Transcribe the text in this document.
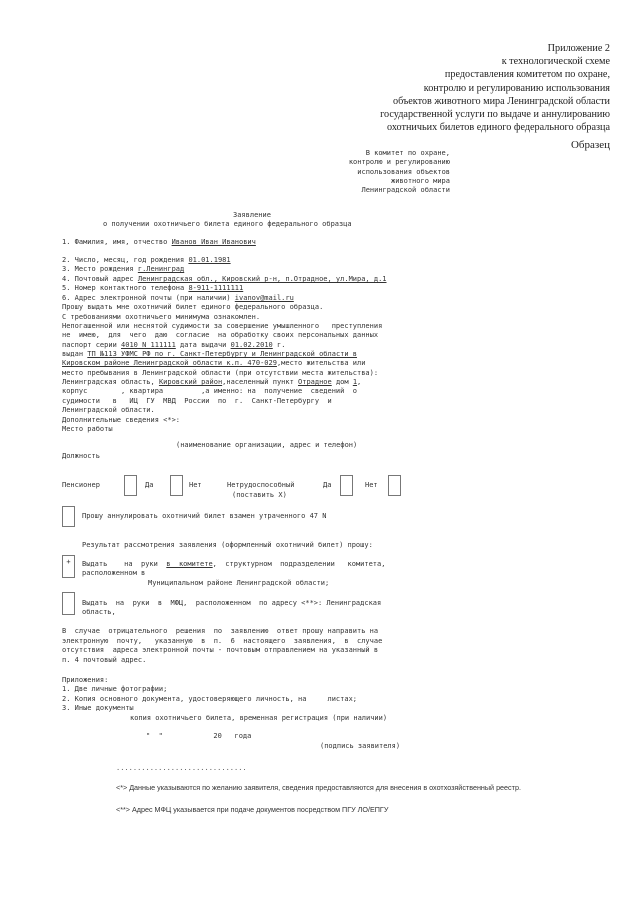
Приложение 2
к технологической схеме
предоставления комитетом по охране,
контролю и регулированию использования
объектов животного мира Ленинградской области
государственной услуги по выдаче и аннулированию
охотничьих билетов единого федерального образца
Образец
В комитет по охране,
контролю и регулированию
использования объектов
животного мира
Ленинградской области
Заявление
о получении охотничьего билета единого федерального образца
1. Фамилия, имя, отчество Иванов Иван Иванович
2. Число, месяц, год рождения 01.01.1981
3. Место рождения г.Ленинград
4. Почтовый адрес Ленинградская обл., Кировский р-н, п.Отрадное, ул.Мира, д.1
5. Номер контактного телефона 8-911-1111111
6. Адрес электронной почты (при наличии) ivanov@mail.ru
Прошу выдать мне охотничий билет единого федерального образца.
С требованиями охотничьего минимума ознакомлен.
Непогашенной или неснятой судимости за совершение умышленного   преступления
не  имею,  для  чего  даю  согласие  на обработку своих персональных данных
паспорт серии 4010 N 111111 дата выдачи 01.02.2010 г.
выдан ТП №113 УФМС РФ по г. Санкт-Петербургу и Ленинградской области в
Кировском районе Ленинградской области к.п. 470-029,место жительства или
место пребывания в Ленинградской области (при отсутствии места жительства):
Ленинградская область, Кировский район,населенный пункт Отрадное дом 1,
корпус        , квартира         ,а именно: на  получение  сведений  о
судимости   в   ИЦ  ГУ  МВД  России  по  г.  Санкт-Петербургу  и
Ленинградской области.
Дополнительные сведения <*>:
Место работы
(наименование организации, адрес и телефон)
Должность
Пенсионер	Да	Нет	Нетрудоспособный	Да	Нет
(поставить Х)
Прошу аннулировать охотничий билет взамен утраченного 47 N
Результат рассмотрения заявления (оформленный охотничий билет) прошу:
+	Выдать    на  руки  в  комитете,  структурном  подразделении   комитета,
расположенном в
Муниципальном районе Ленинградской области;
Выдать  на  руки  в  МФЦ,  расположенном  по адресу <**>: Ленинградская
область,
В  случае  отрицательного  решения  по  заявлению  ответ прошу направить на
электронную  почту,   указанную  в  п.  6  настоящего  заявления,  в  случае
отсутствия  адреса электронной почты - почтовым отправлением на указанный в
п. 4 почтовый адрес.
Приложения:
1. Две личные фотографии;
2. Копия основного документа, удостоверяющего личность, на     листах;
3. Иные документы
копия охотничьего билета, временная регистрация (при наличии)
"  "            20   года
(подпись заявителя)
...............................
<*> Данные указываются по желанию заявителя, сведения предоставляются для внесения в охотхозяйственный реестр.
<**> Адрес МФЦ указывается при подаче документов посредством ПГУ ЛО/ЕПГУ
